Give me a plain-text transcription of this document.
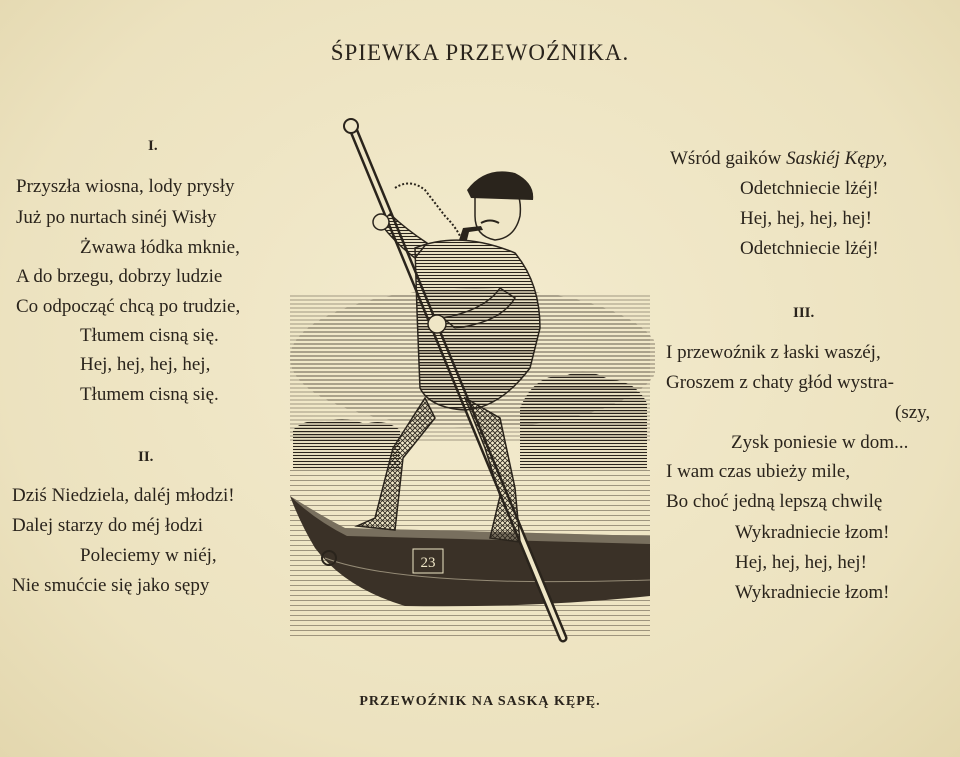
ŚPIEWKA PRZEWOŹNIKA.
I.
Przyszła wiosna, lody prysły
Już po nurtach sinéj Wisły
Żwawa łódka mknie,
A do brzegu, dobrzy ludzie
Co odpocząć chcą po trudzie,
Tłumem cisną się.
Hej, hej, hej, hej,
Tłumem cisną się.
II.
Dziś Niedziela, daléj młodzi!
Dalej starzy do méj łodzi
Poleciemy w niéj,
Nie smućcie się jako sępy
Wśród gaików Saskiéj Kępy,
Odetchniecie lżéj!
Hej, hej, hej, hej!
Odetchniecie lżéj!
III.
I przewoźnik z łaski waszéj,
Groszem z chaty głód wystra-
(szy,
Zysk poniesie w dom...
I wam czas ubieży mile,
Bo choć jedną lepszą chwilę
Wykradniecie łzom!
Hej, hej, hej, hej!
Wykradniecie łzom!
23
PRZEWOŹNIK NA SASKĄ KĘPĘ.
